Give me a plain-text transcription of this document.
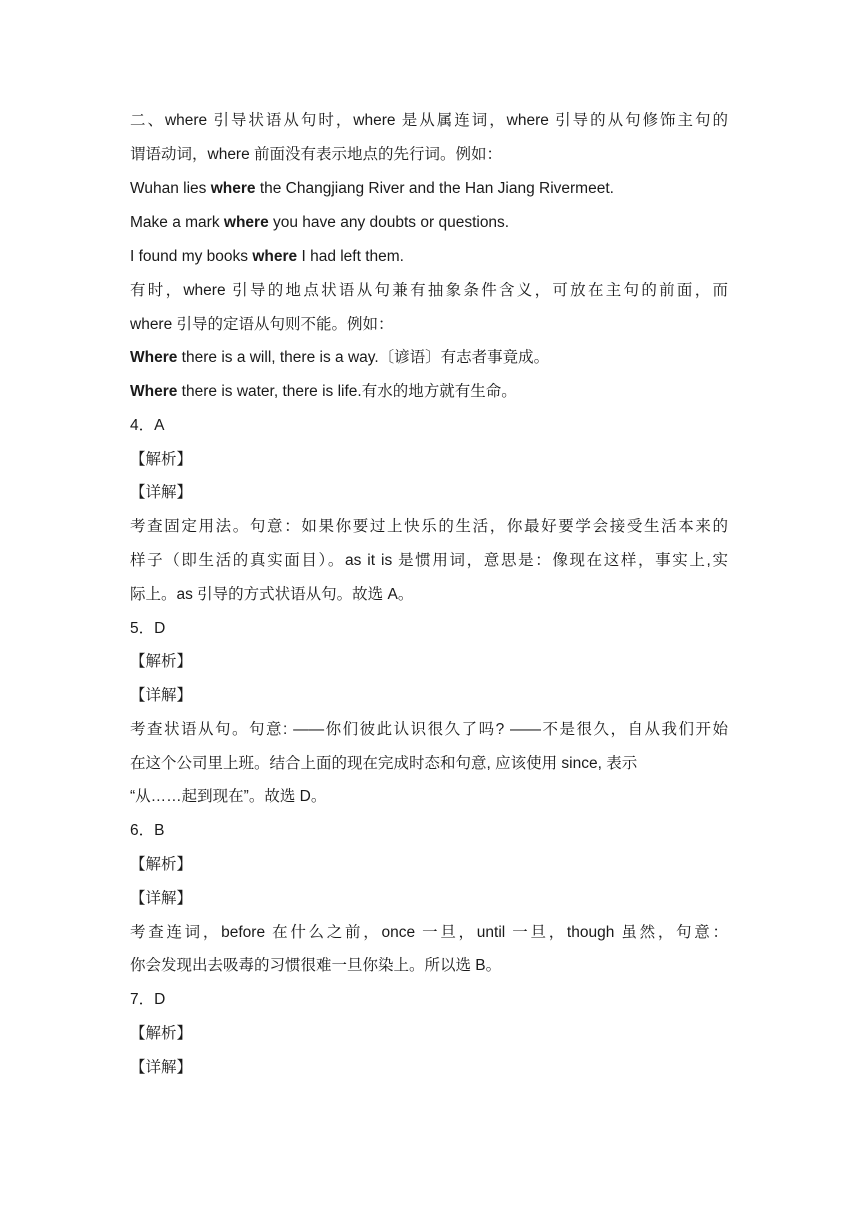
二、where 引导状语从句时，where 是从属连词，where 引导的从句修饰主句的
谓语动词，where 前面没有表示地点的先行词。例如：
Wuhan lies where the Changjiang River and the Han Jiang Rivermeet.
Make a mark where you have any doubts or questions.
I found my books where I had left them.
有时，where 引导的地点状语从句兼有抽象条件含义，可放在主句的前面，而
where 引导的定语从句则不能。例如：
Where there is a will, there is a way.〔谚语〕有志者事竟成。
Where there is water, there is life.有水的地方就有生命。
4．A
【解析】
【详解】
考查固定用法。句意：如果你要过上快乐的生活，你最好要学会接受生活本来的
样子（即生活的真实面目）。as it is 是惯用词，意思是：像现在这样，事实上,实
际上。as 引导的方式状语从句。故选 A。
5．D
【解析】
【详解】
考查状语从句。句意: ——你们彼此认识很久了吗? ——不是很久，自从我们开始
在这个公司里上班。结合上面的现在完成时态和句意, 应该使用 since, 表示
“从……起到现在”。故选 D。
6．B
【解析】
【详解】
考查连词，before 在什么之前，once 一旦，until 一旦，though 虽然，句意：
你会发现出去吸毒的习惯很难一旦你染上。所以选 B。
7．D
【解析】
【详解】
